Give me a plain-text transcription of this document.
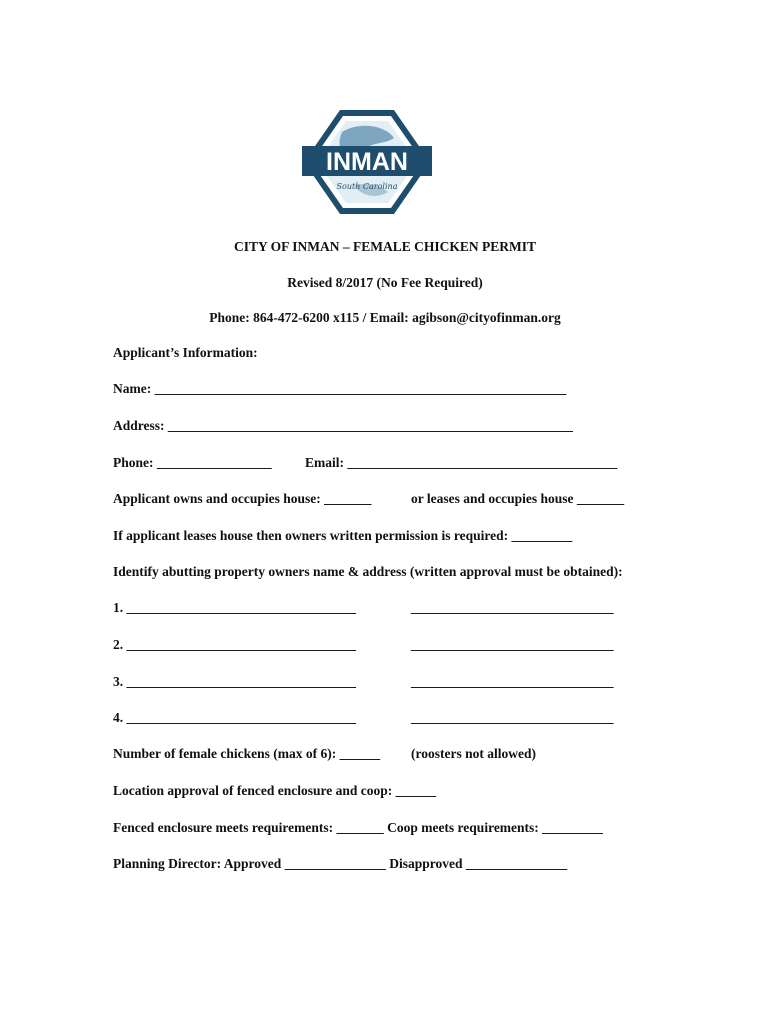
INMAN
South Carolina
CITY OF INMAN – FEMALE CHICKEN PERMIT
Revised 8/2017 (No Fee Required)
Phone: 864-472-6200 x115 / Email: agibson@cityofinman.org
Applicant’s Information:
Name: _____________________________________________________________
Address: ____________________________________________________________
Phone: _________________ Email: ________________________________________
Applicant owns and occupies house: _______	or leases and occupies house _______
If applicant leases house then owners written permission is required: _________
Identify abutting property owners name & address (written approval must be obtained):
1. __________________________________	______________________________
2. __________________________________	______________________________
3. __________________________________	______________________________
4. __________________________________	______________________________
Number of female chickens (max of 6): ______ (roosters not allowed)
Location approval of fenced enclosure and coop: ______
Fenced enclosure meets requirements: _______ Coop meets requirements: _________
Planning Director: Approved _______________ Disapproved _______________
